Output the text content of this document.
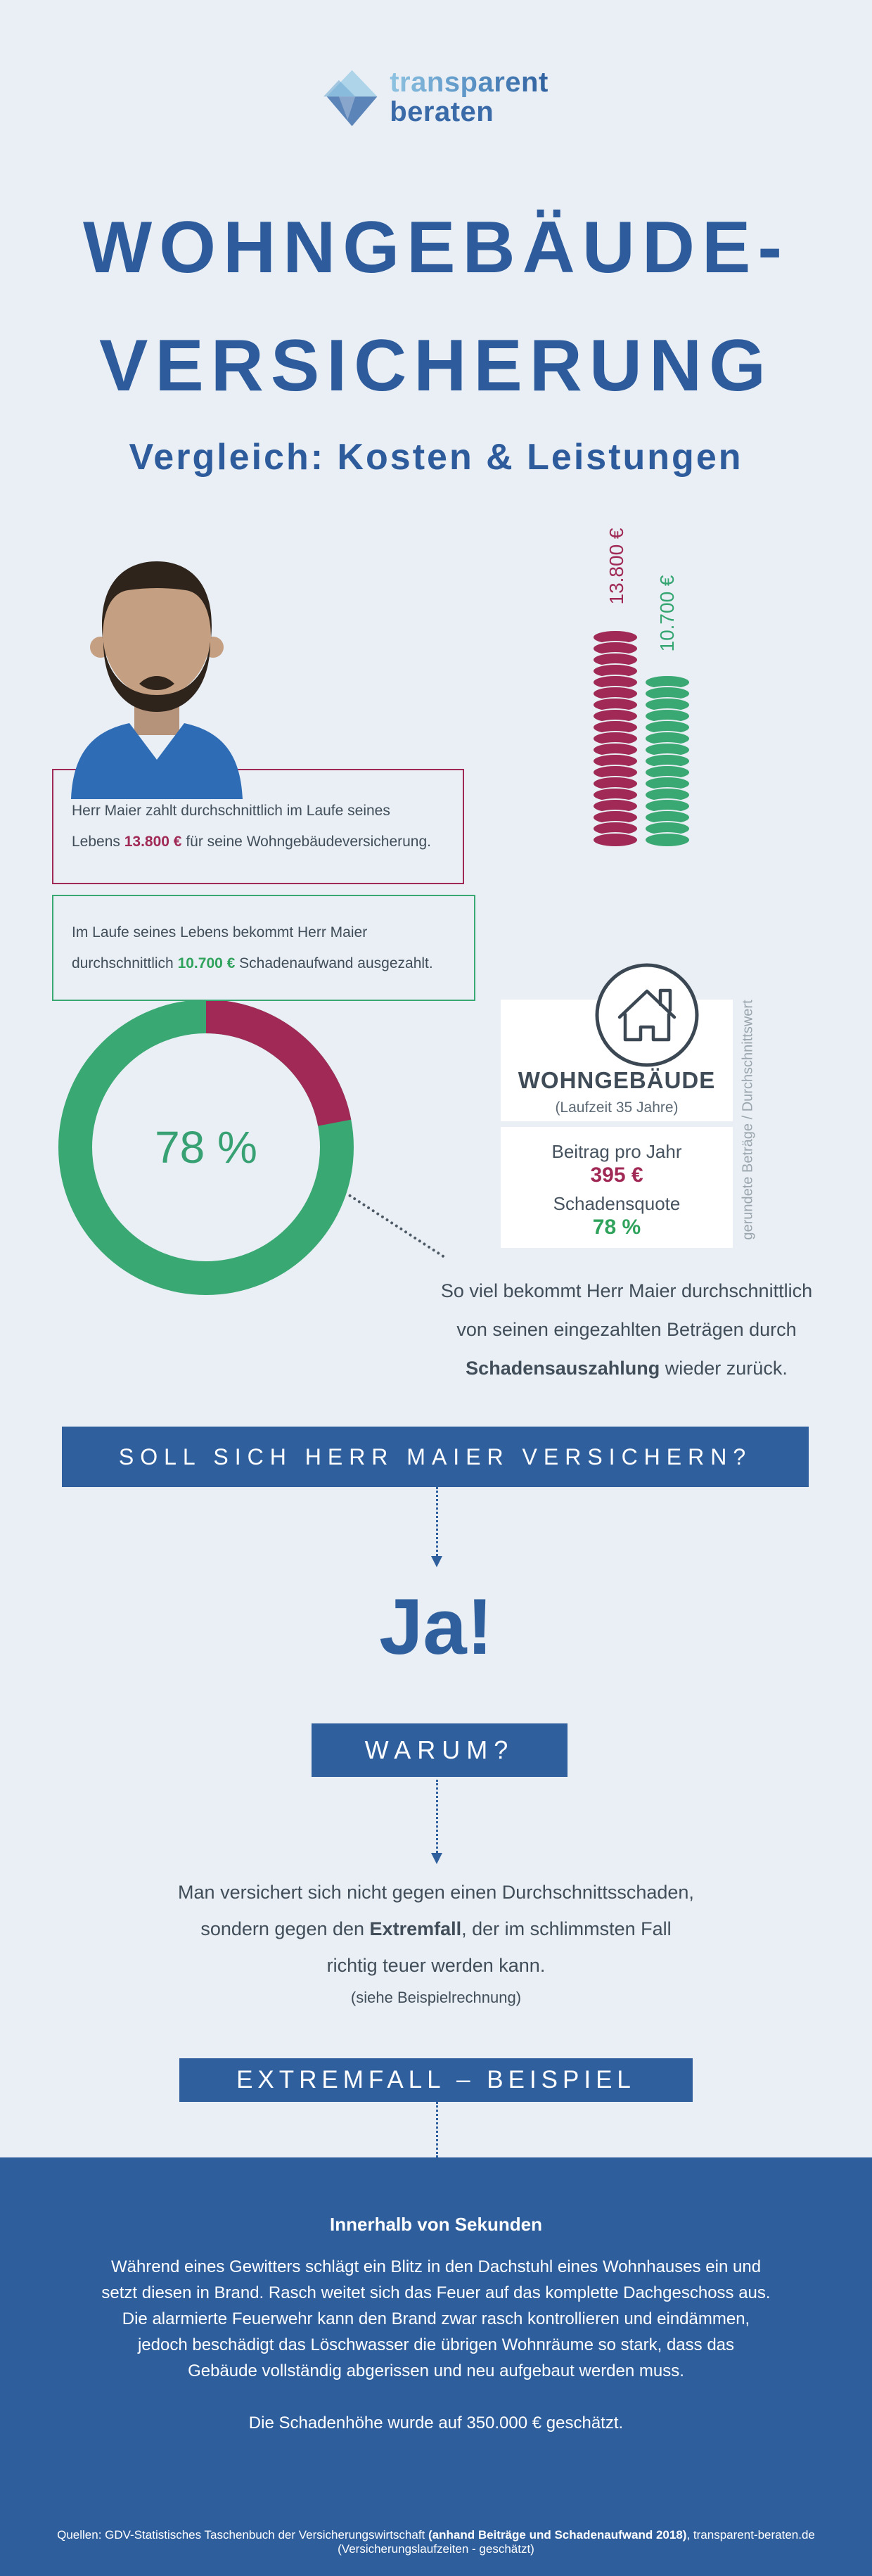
transparent
beraten
WOHNGEBÄUDE-
VERSICHERUNG
Vergleich: Kosten & Leistungen
Herr Maier zahlt durchschnittlich im Laufe seines
Lebens 13.800 € für seine Wohngebäudeversicherung.
Im Laufe seines Lebens bekommt Herr Maier
durchschnittlich 10.700 € Schadenaufwand ausgezahlt.
13.800 €
10.700 €
78 %
So viel bekommt Herr Maier durchschnittlich
von seinen eingezahlten Beträgen durch
Schadensauszahlung wieder zurück.
WOHNGEBÄUDE
(Laufzeit 35 Jahre)
Beitrag pro Jahr
395 €
Schadensquote
78 %	gerundete Beträge / Durchschnittswert
SOLL SICH HERR MAIER VERSICHERN?
Ja!
WARUM?
Man versichert sich nicht gegen einen Durchschnittsschaden,
sondern gegen den Extremfall, der im schlimmsten Fall
richtig teuer werden kann.
(siehe Beispielrechnung)
EXTREMFALL – BEISPIEL
Innerhalb von Sekunden
Während eines Gewitters schlägt ein Blitz in den Dachstuhl eines Wohnhauses ein und
setzt diesen in Brand. Rasch weitet sich das Feuer auf das komplette Dachgeschoss aus.
Die alarmierte Feuerwehr kann den Brand zwar rasch kontrollieren und eindämmen,
jedoch beschädigt das Löschwasser die übrigen Wohnräume so stark, dass das
Gebäude vollständig abgerissen und neu aufgebaut werden muss.
Die Schadenhöhe wurde auf 350.000 € geschätzt.
Quellen: GDV-Statistisches Taschenbuch der Versicherungswirtschaft (anhand Beiträge und Schadenaufwand 2018), transparent-beraten.de (Versicherungslaufzeiten - geschätzt)
